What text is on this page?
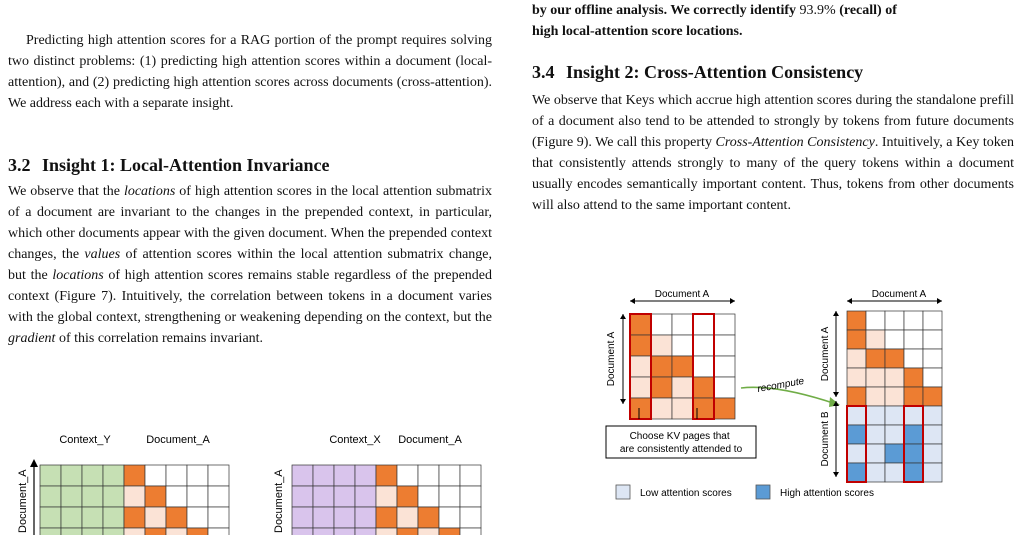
Predicting high attention scores for a RAG portion of the prompt requires solving two distinct problems: (1) predicting high attention scores within a document (local-attention), and (2) predicting high attention scores across documents (cross-attention). We address each with a separate insight.

3.2 Insight 1: Local-Attention Invariance

We observe that the locations of high attention scores in the local attention submatrix of a document are invariant to the changes in the prepended context, in particular, which other documents appear with the given document. When the prepended context changes, the values of attention scores within the local attention submatrix change, but the locations of high attention scores remains stable regardless of the prepended context (Figure 7). Intuitively, the correlation between tokens in a document varies with the global context, strengthening or weakening depending on the context, but the gradient of this correlation remains invariant.

Context_Y	Document_A	Context_X Document_A
Document_A	Document_A

by our offline analysis. We correctly identify 93.9% (recall) of
high local-attention score locations.

3.4 Insight 2: Cross-Attention Consistency

We observe that Keys which accrue high attention scores during the standalone prefill of a document also tend to be attended to strongly by tokens from future documents (Figure 9). We call this property Cross-Attention Consistency. Intuitively, a Key token that consistently attends strongly to many of the query tokens within a document usually encodes semantically important content. Thus, tokens from other documents will also attend to the same important content.

Document A
Document A
Choose KV pages that are consistently attended to
recompute
Document A
Document A
Document B
Low attention scores	High attention scores
